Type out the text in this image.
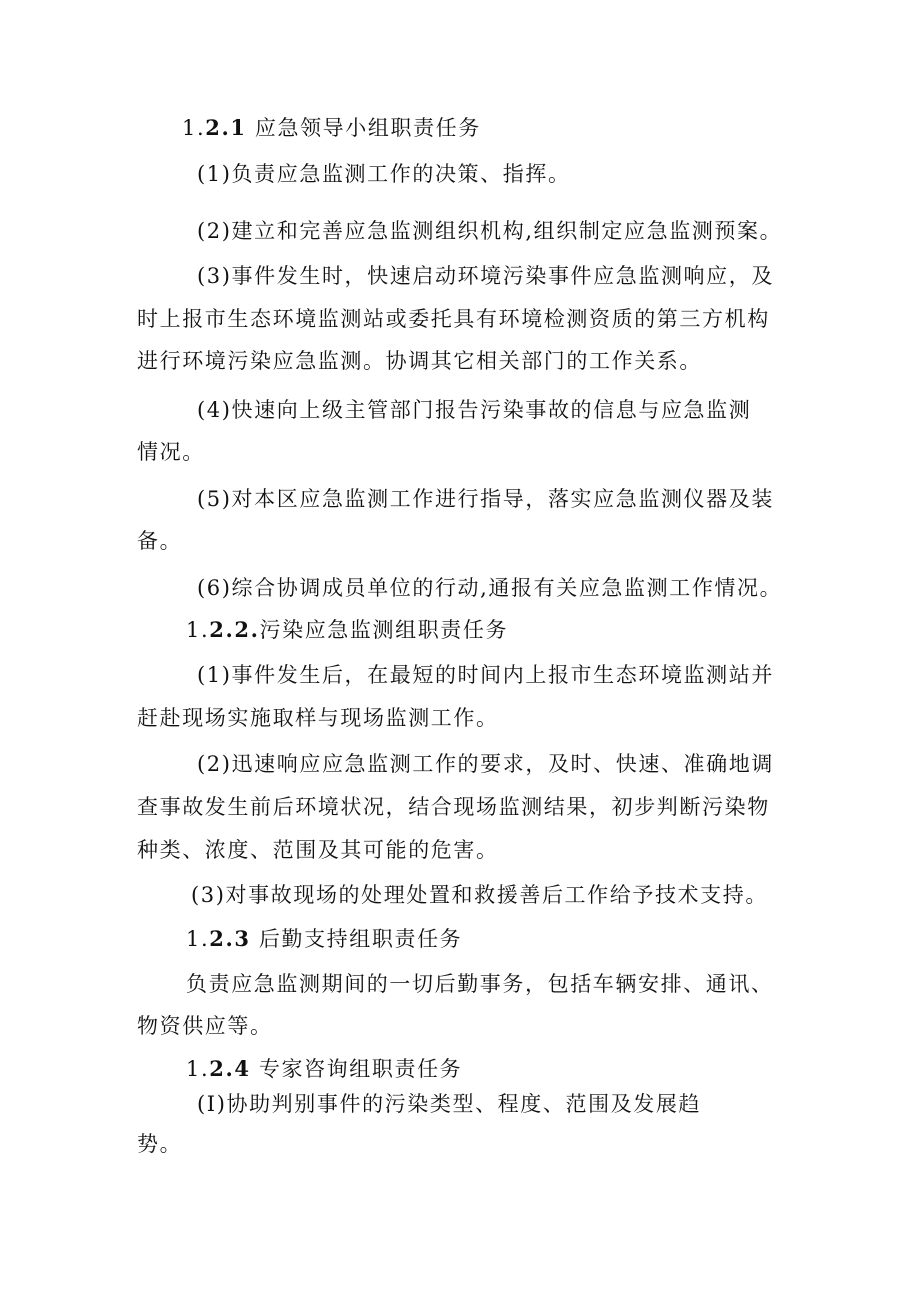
1.2.1 应急领导小组职责任务
(1)负责应急监测工作的决策、指挥。
(2)建立和完善应急监测组织机构,组织制定应急监测预案。
(3)事件发生时，快速启动环境污染事件应急监测响应，及
时上报市生态环境监测站或委托具有环境检测资质的第三方机构
进行环境污染应急监测。协调其它相关部门的工作关系。
(4)快速向上级主管部门报告污染事故的信息与应急监测
情况。
(5)对本区应急监测工作进行指导，落实应急监测仪器及装
备。
(6)综合协调成员单位的行动,通报有关应急监测工作情况。
1.2.2.污染应急监测组职责任务
(1)事件发生后，在最短的时间内上报市生态环境监测站并
赶赴现场实施取样与现场监测工作。
(2)迅速响应应急监测工作的要求，及时、快速、准确地调
查事故发生前后环境状况，结合现场监测结果，初步判断污染物
种类、浓度、范围及其可能的危害。
(3)对事故现场的处理处置和救援善后工作给予技术支持。
1.2.3 后勤支持组职责任务
负责应急监测期间的一切后勤事务，包括车辆安排、通讯、
物资供应等。
1.2.4 专家咨询组职责任务
(I)协助判别事件的污染类型、程度、范围及发展趋
势。
